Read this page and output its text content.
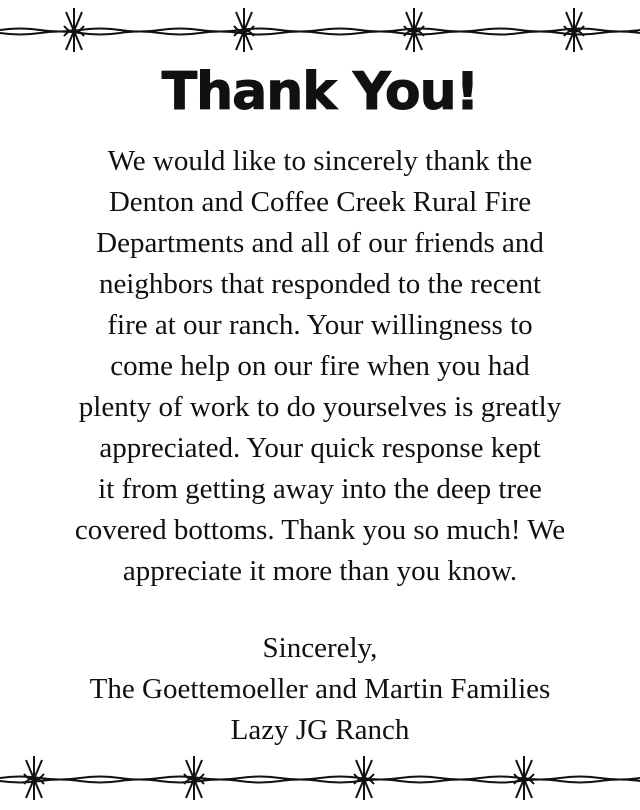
Thank You!
We would like to sincerely thank the
Denton and Coffee Creek Rural Fire
Departments and all of our friends and
neighbors that responded to the recent
fire at our ranch. Your willingness to
come help on our fire when you had
plenty of work to do yourselves is greatly
appreciated. Your quick response kept
it from getting away into the deep tree
covered bottoms. Thank you so much! We
appreciate it more than you know.
Sincerely,
The Goettemoeller and Martin Families
Lazy JG Ranch
